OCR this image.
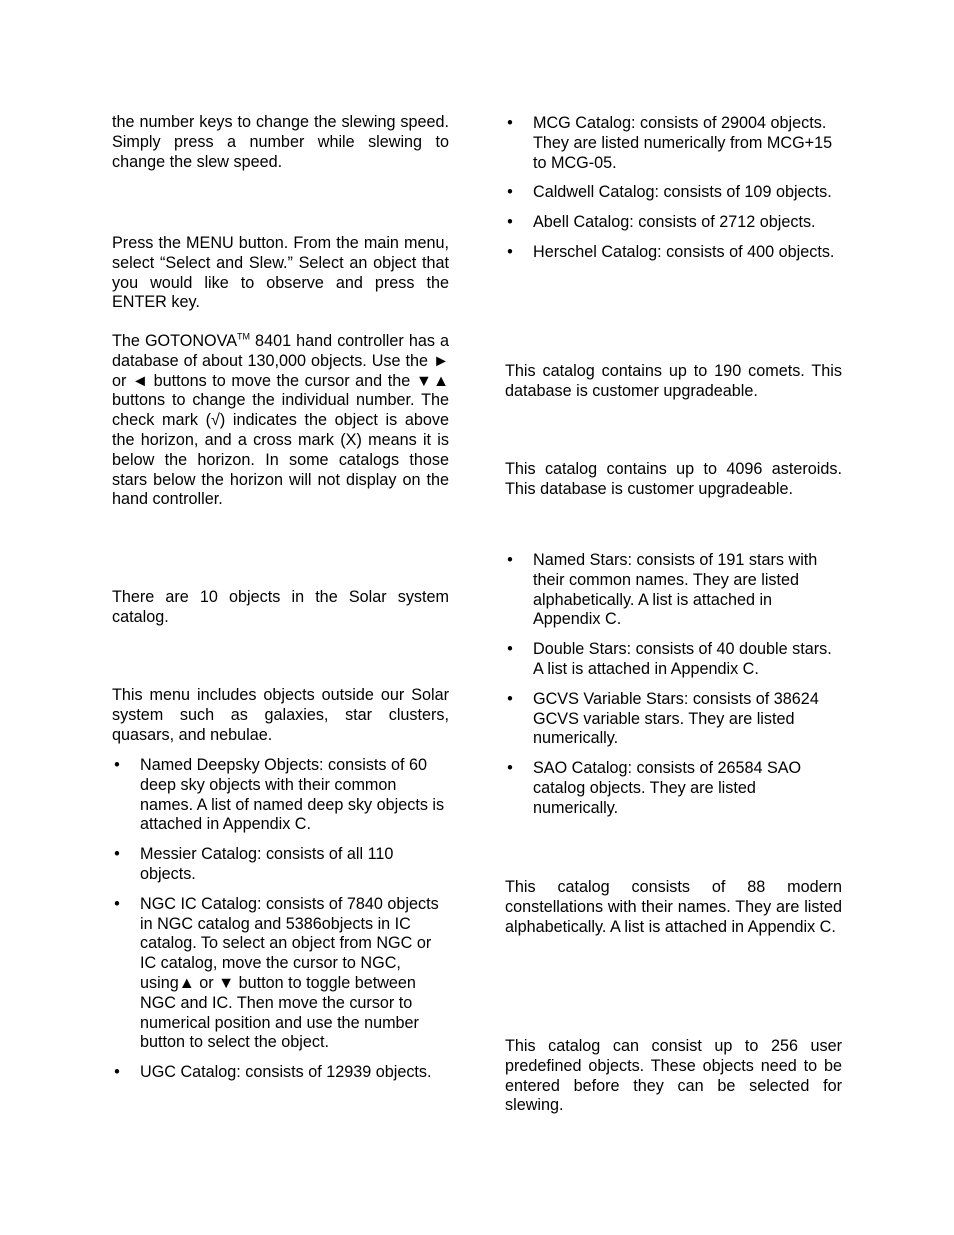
the number keys to change the slewing speed. Simply press a number while slewing to change the slew speed.

Press the MENU button. From the main menu, select “Select and Slew.” Select an object that you would like to observe and press the ENTER key.

The GOTONOVA™ 8401 hand controller has a database of about 130,000 objects. Use the ► or ◄ buttons to move the cursor and the ▼▲ buttons to change the individual number. The check mark (√) indicates the object is above the horizon, and a cross mark (X) means it is below the horizon. In some catalogs those stars below the horizon will not display on the hand controller.

There are 10 objects in the Solar system catalog.

This menu includes objects outside our Solar system such as galaxies, star clusters, quasars, and nebulae.

• Named Deepsky Objects: consists of 60 deep sky objects with their common names. A list of named deep sky objects is attached in Appendix C.
• Messier Catalog: consists of all 110 objects.
• NGC IC Catalog: consists of 7840 objects in NGC catalog and 5386objects in IC catalog. To select an object from NGC or IC catalog, move the cursor to NGC, using▲ or ▼ button to toggle between NGC and IC. Then move the cursor to numerical position and use the number button to select the object.
• UGC Catalog: consists of 12939 objects.
• MCG Catalog: consists of 29004 objects. They are listed numerically from MCG+15 to MCG-05.
• Caldwell Catalog: consists of 109 objects.
• Abell Catalog: consists of 2712 objects.
• Herschel Catalog: consists of 400 objects.

This catalog contains up to 190 comets. This database is customer upgradeable.

This catalog contains up to 4096 asteroids. This database is customer upgradeable.

• Named Stars: consists of 191 stars with their common names. They are listed alphabetically. A list is attached in Appendix C.
• Double Stars: consists of 40 double stars. A list is attached in Appendix C.
• GCVS Variable Stars: consists of 38624 GCVS variable stars. They are listed numerically.
• SAO Catalog: consists of 26584 SAO catalog objects. They are listed numerically.

This catalog consists of 88 modern constellations with their names. They are listed alphabetically. A list is attached in Appendix C.

This catalog can consist up to 256 user predefined objects. These objects need to be entered before they can be selected for slewing.
